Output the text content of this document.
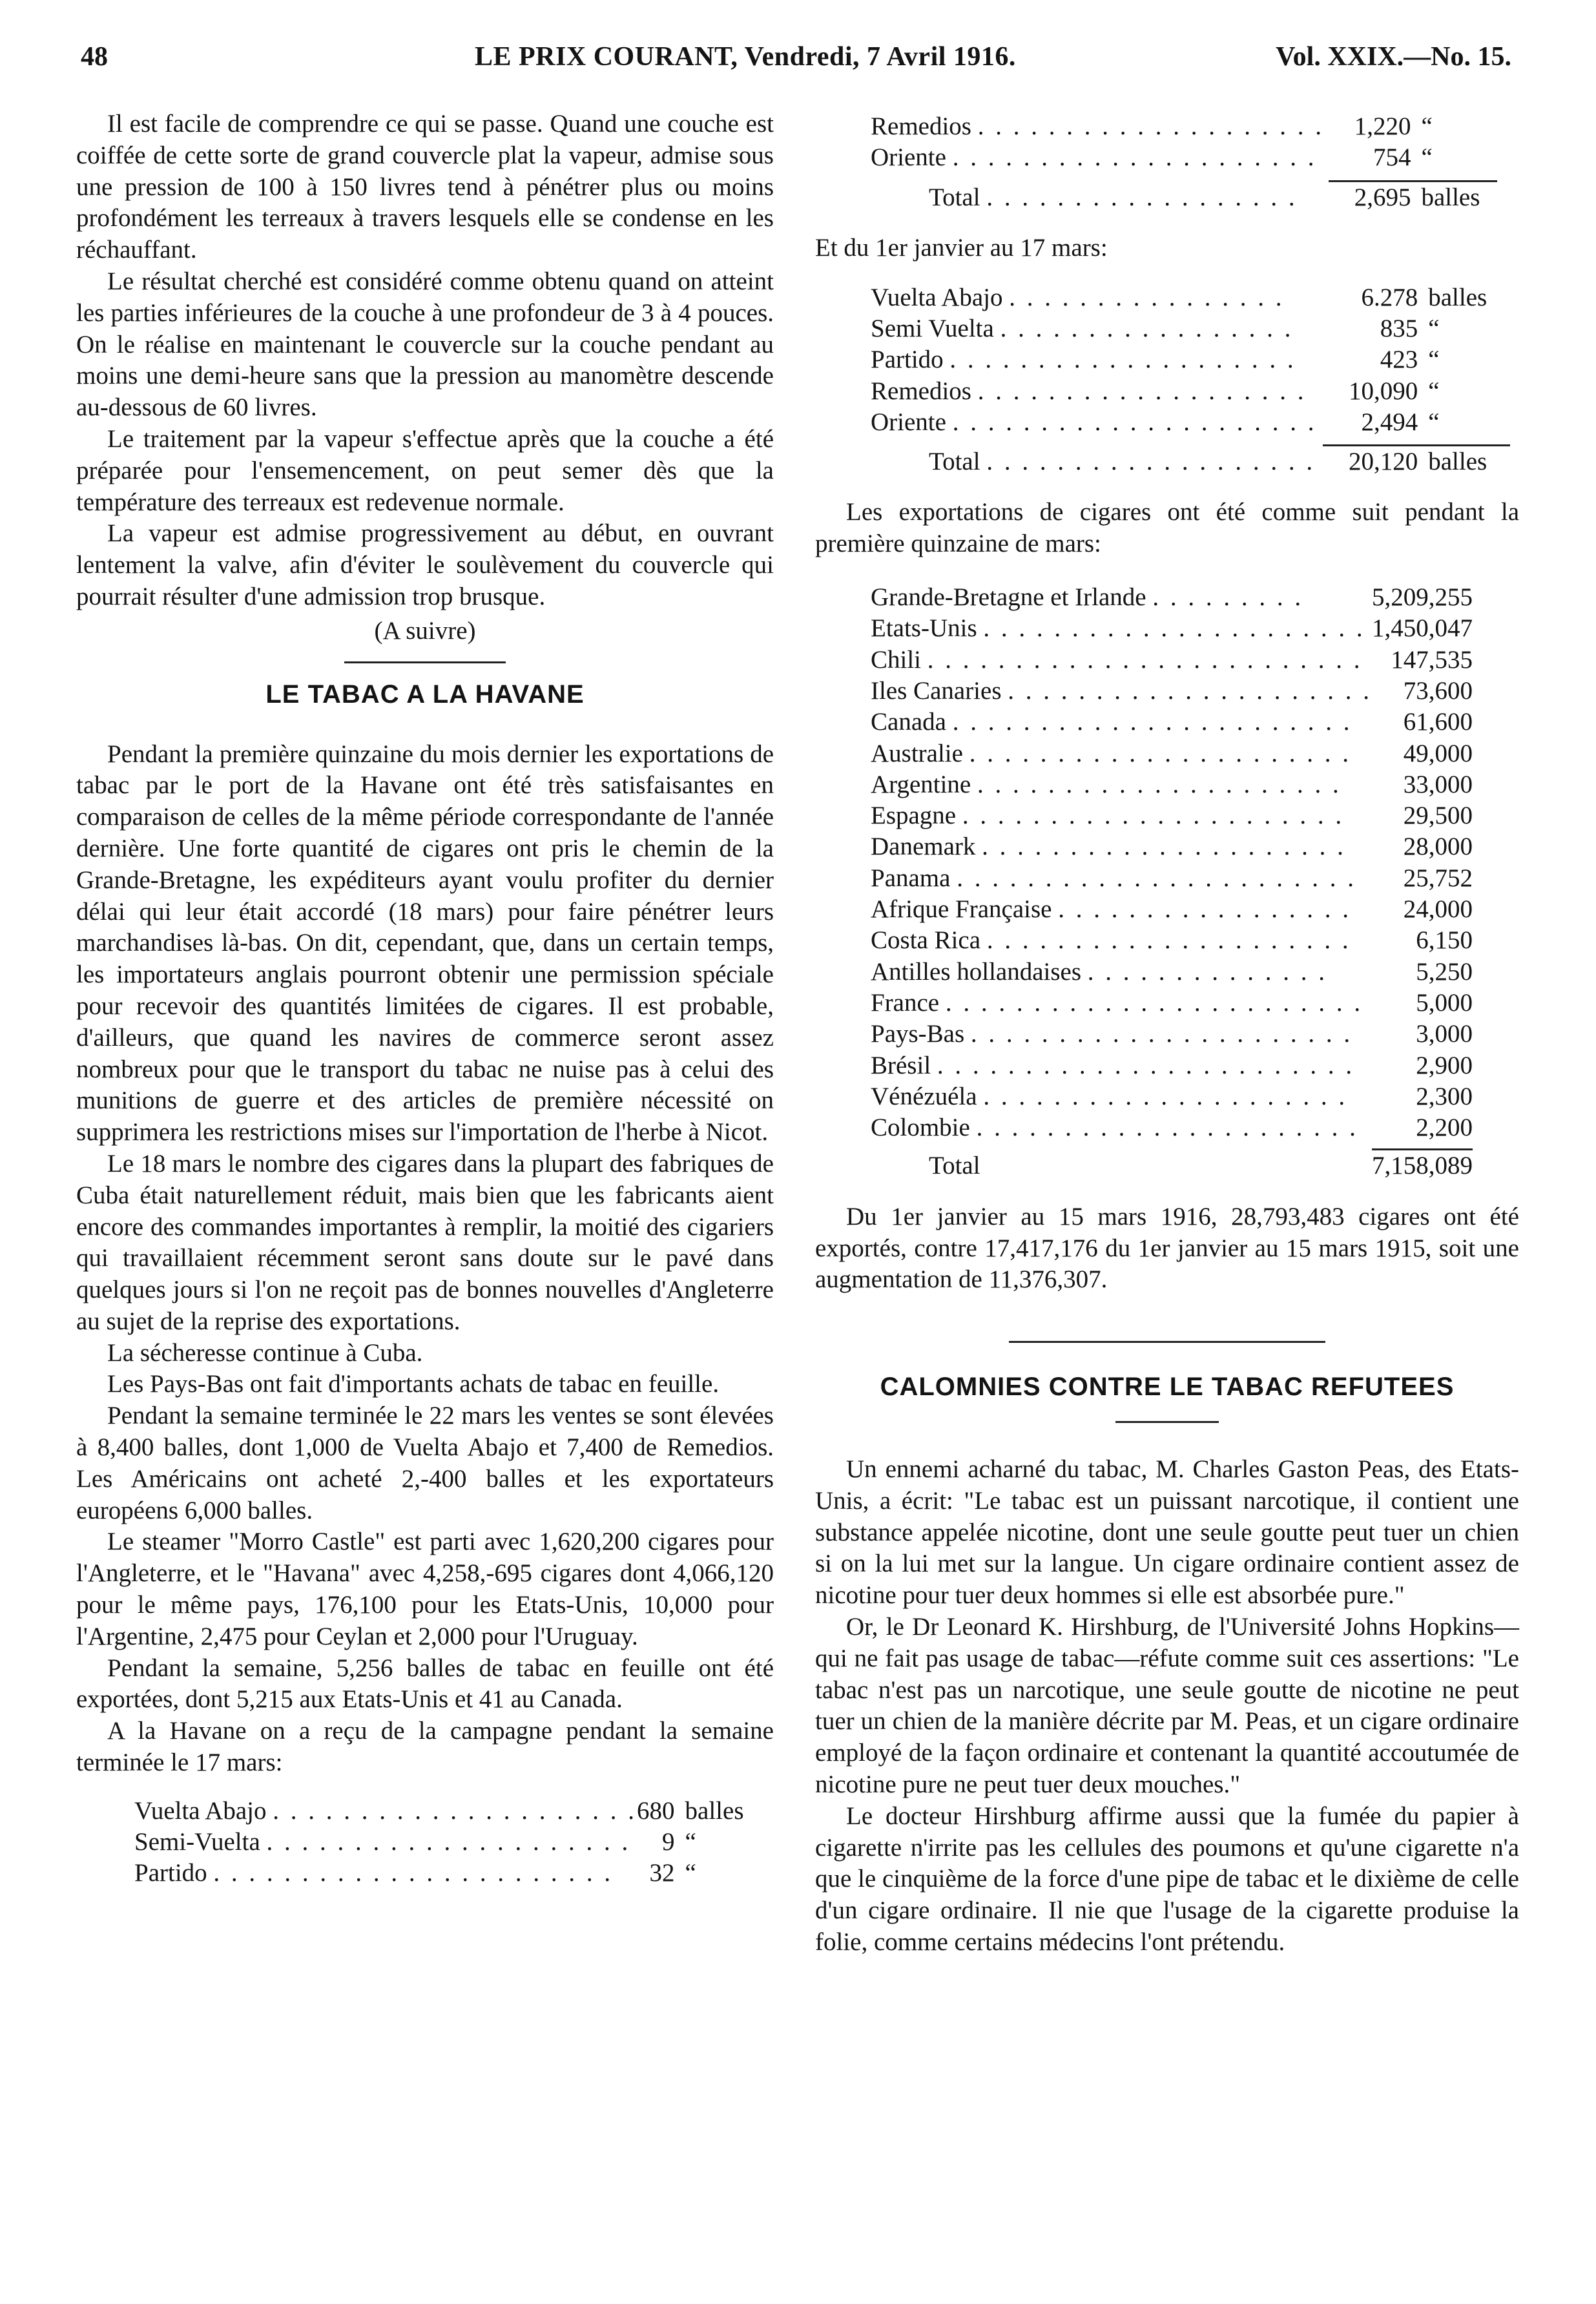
48	LE PRIX COURANT, Vendredi, 7 Avril 1916.	Vol. XXIX.—No. 15.

Il est facile de comprendre ce qui se passe. Quand une couche est coiffée de cette sorte de grand couvercle plat la vapeur, admise sous une pression de 100 à 150 livres tend à pénétrer plus ou moins profondément les terreaux à travers lesquels elle se condense en les réchauffant.

Le résultat cherché est considéré comme obtenu quand on atteint les parties inférieures de la couche à une profondeur de 3 à 4 pouces. On le réalise en maintenant le couvercle sur la couche pendant au moins une demi-heure sans que la pression au manomètre descende au-dessous de 60 livres.

Le traitement par la vapeur s'effectue après que la couche a été préparée pour l'ensemencement, on peut semer dès que la température des terreaux est redevenue normale.

La vapeur est admise progressivement au début, en ouvrant lentement la valve, afin d'éviter le soulèvement du couvercle qui pourrait résulter d'une admission trop brusque.

(A suivre)
LE TABAC A LA HAVANE

Pendant la première quinzaine du mois dernier les exportations de tabac par le port de la Havane ont été très satisfaisantes en comparaison de celles de la même période correspondante de l'année dernière. Une forte quantité de cigares ont pris le chemin de la Grande-Bretagne, les expéditeurs ayant voulu profiter du dernier délai qui leur était accordé (18 mars) pour faire pénétrer leurs marchandises là-bas. On dit, cependant, que, dans un certain temps, les importateurs anglais pourront obtenir une permission spéciale pour recevoir des quantités limitées de cigares. Il est probable, d'ailleurs, que quand les navires de commerce seront assez nombreux pour que le transport du tabac ne nuise pas à celui des munitions de guerre et des articles de première nécessité on supprimera les restrictions mises sur l'importation de l'herbe à Nicot.

Le 18 mars le nombre des cigares dans la plupart des fabriques de Cuba était naturellement réduit, mais bien que les fabricants aient encore des commandes importantes à remplir, la moitié des cigariers qui travaillaient récemment seront sans doute sur le pavé dans quelques jours si l'on ne reçoit pas de bonnes nouvelles d'Angleterre au sujet de la reprise des exportations.

La sécheresse continue à Cuba.

Les Pays-Bas ont fait d'importants achats de tabac en feuille.

Pendant la semaine terminée le 22 mars les ventes se sont élevées à 8,400 balles, dont 1,000 de Vuelta Abajo et 7,400 de Remedios. Les Américains ont acheté 2,-400 balles et les exportateurs européens 6,000 balles.

Le steamer "Morro Castle" est parti avec 1,620,200 cigares pour l'Angleterre, et le "Havana" avec 4,258,-695 cigares dont 4,066,120 pour le même pays, 176,100 pour les Etats-Unis, 10,000 pour l'Argentine, 2,475 pour Ceylan et 2,000 pour l'Uruguay.

Pendant la semaine, 5,256 balles de tabac en feuille ont été exportées, dont 5,215 aux Etats-Unis et 41 au Canada.

A la Havane on a reçu de la campagne pendant la semaine terminée le 17 mars:

Vuelta Abajo . . . . . . . . . . . . . . . . . . . . .	680	balles
Semi-Vuelta . . . . . . . . . . . . . . . . . . . . .	9	“
Partido . . . . . . . . . . . . . . . . . . . . . . .	32	“
Remedios . . . . . . . . . . . . . . . . . . . .	1,220	“
Oriente . . . . . . . . . . . . . . . . . . . . .	754	“

Total . . . . . . . . . . . . . . . . . .	2,695	balles

Et du 1er janvier au 17 mars:

Vuelta Abajo . . . . . . . . . . . . . . . .	6.278	balles
Semi Vuelta . . . . . . . . . . . . . . . . .	835	“
Partido . . . . . . . . . . . . . . . . . . . .	423	“
Remedios . . . . . . . . . . . . . . . . . . .	10,090	“
Oriente . . . . . . . . . . . . . . . . . . . . .	2,494	“

Total . . . . . . . . . . . . . . . . . . .	20,120	balles

Les exportations de cigares ont été comme suit pendant la première quinzaine de mars:

Grande-Bretagne et Irlande . . . . . . . . .	5,209,255
Etats-Unis . . . . . . . . . . . . . . . . . . . . . .	1,450,047
Chili . . . . . . . . . . . . . . . . . . . . . . . . .	147,535
Iles Canaries . . . . . . . . . . . . . . . . . . . . .	73,600
Canada . . . . . . . . . . . . . . . . . . . . . . .	61,600
Australie . . . . . . . . . . . . . . . . . . . . . .	49,000
Argentine . . . . . . . . . . . . . . . . . . . . .	33,000
Espagne . . . . . . . . . . . . . . . . . . . . . .	29,500
Danemark . . . . . . . . . . . . . . . . . . . . .	28,000
Panama . . . . . . . . . . . . . . . . . . . . . . .	25,752
Afrique Française . . . . . . . . . . . . . . . . .	24,000
Costa Rica . . . . . . . . . . . . . . . . . . . . .	6,150
Antilles hollandaises . . . . . . . . . . . . . .	5,250
France . . . . . . . . . . . . . . . . . . . . . . . .	5,000
Pays-Bas . . . . . . . . . . . . . . . . . . . . . .	3,000
Brésil . . . . . . . . . . . . . . . . . . . . . . . .	2,900
Vénézuéla . . . . . . . . . . . . . . . . . . . . .	2,300
Colombie . . . . . . . . . . . . . . . . . . . . . .	2,200

Total	7,158,089

Du 1er janvier au 15 mars 1916, 28,793,483 cigares ont été exportés, contre 17,417,176 du 1er janvier au 15 mars 1915, soit une augmentation de 11,376,307.

CALOMNIES CONTRE LE TABAC REFUTEES

Un ennemi acharné du tabac, M. Charles Gaston Peas, des Etats-Unis, a écrit: "Le tabac est un puissant narcotique, il contient une substance appelée nicotine, dont une seule goutte peut tuer un chien si on la lui met sur la langue. Un cigare ordinaire contient assez de nicotine pour tuer deux hommes si elle est absorbée pure."

Or, le Dr Leonard K. Hirshburg, de l'Université Johns Hopkins—qui ne fait pas usage de tabac—réfute comme suit ces assertions: "Le tabac n'est pas un narcotique, une seule goutte de nicotine ne peut tuer un chien de la manière décrite par M. Peas, et un cigare ordinaire employé de la façon ordinaire et contenant la quantité accoutumée de nicotine pure ne peut tuer deux mouches."

Le docteur Hirshburg affirme aussi que la fumée du papier à cigarette n'irrite pas les cellules des poumons et qu'une cigarette n'a que le cinquième de la force d'une pipe de tabac et le dixième de celle d'un cigare ordinaire. Il nie que l'usage de la cigarette produise la folie, comme certains médecins l'ont prétendu.
